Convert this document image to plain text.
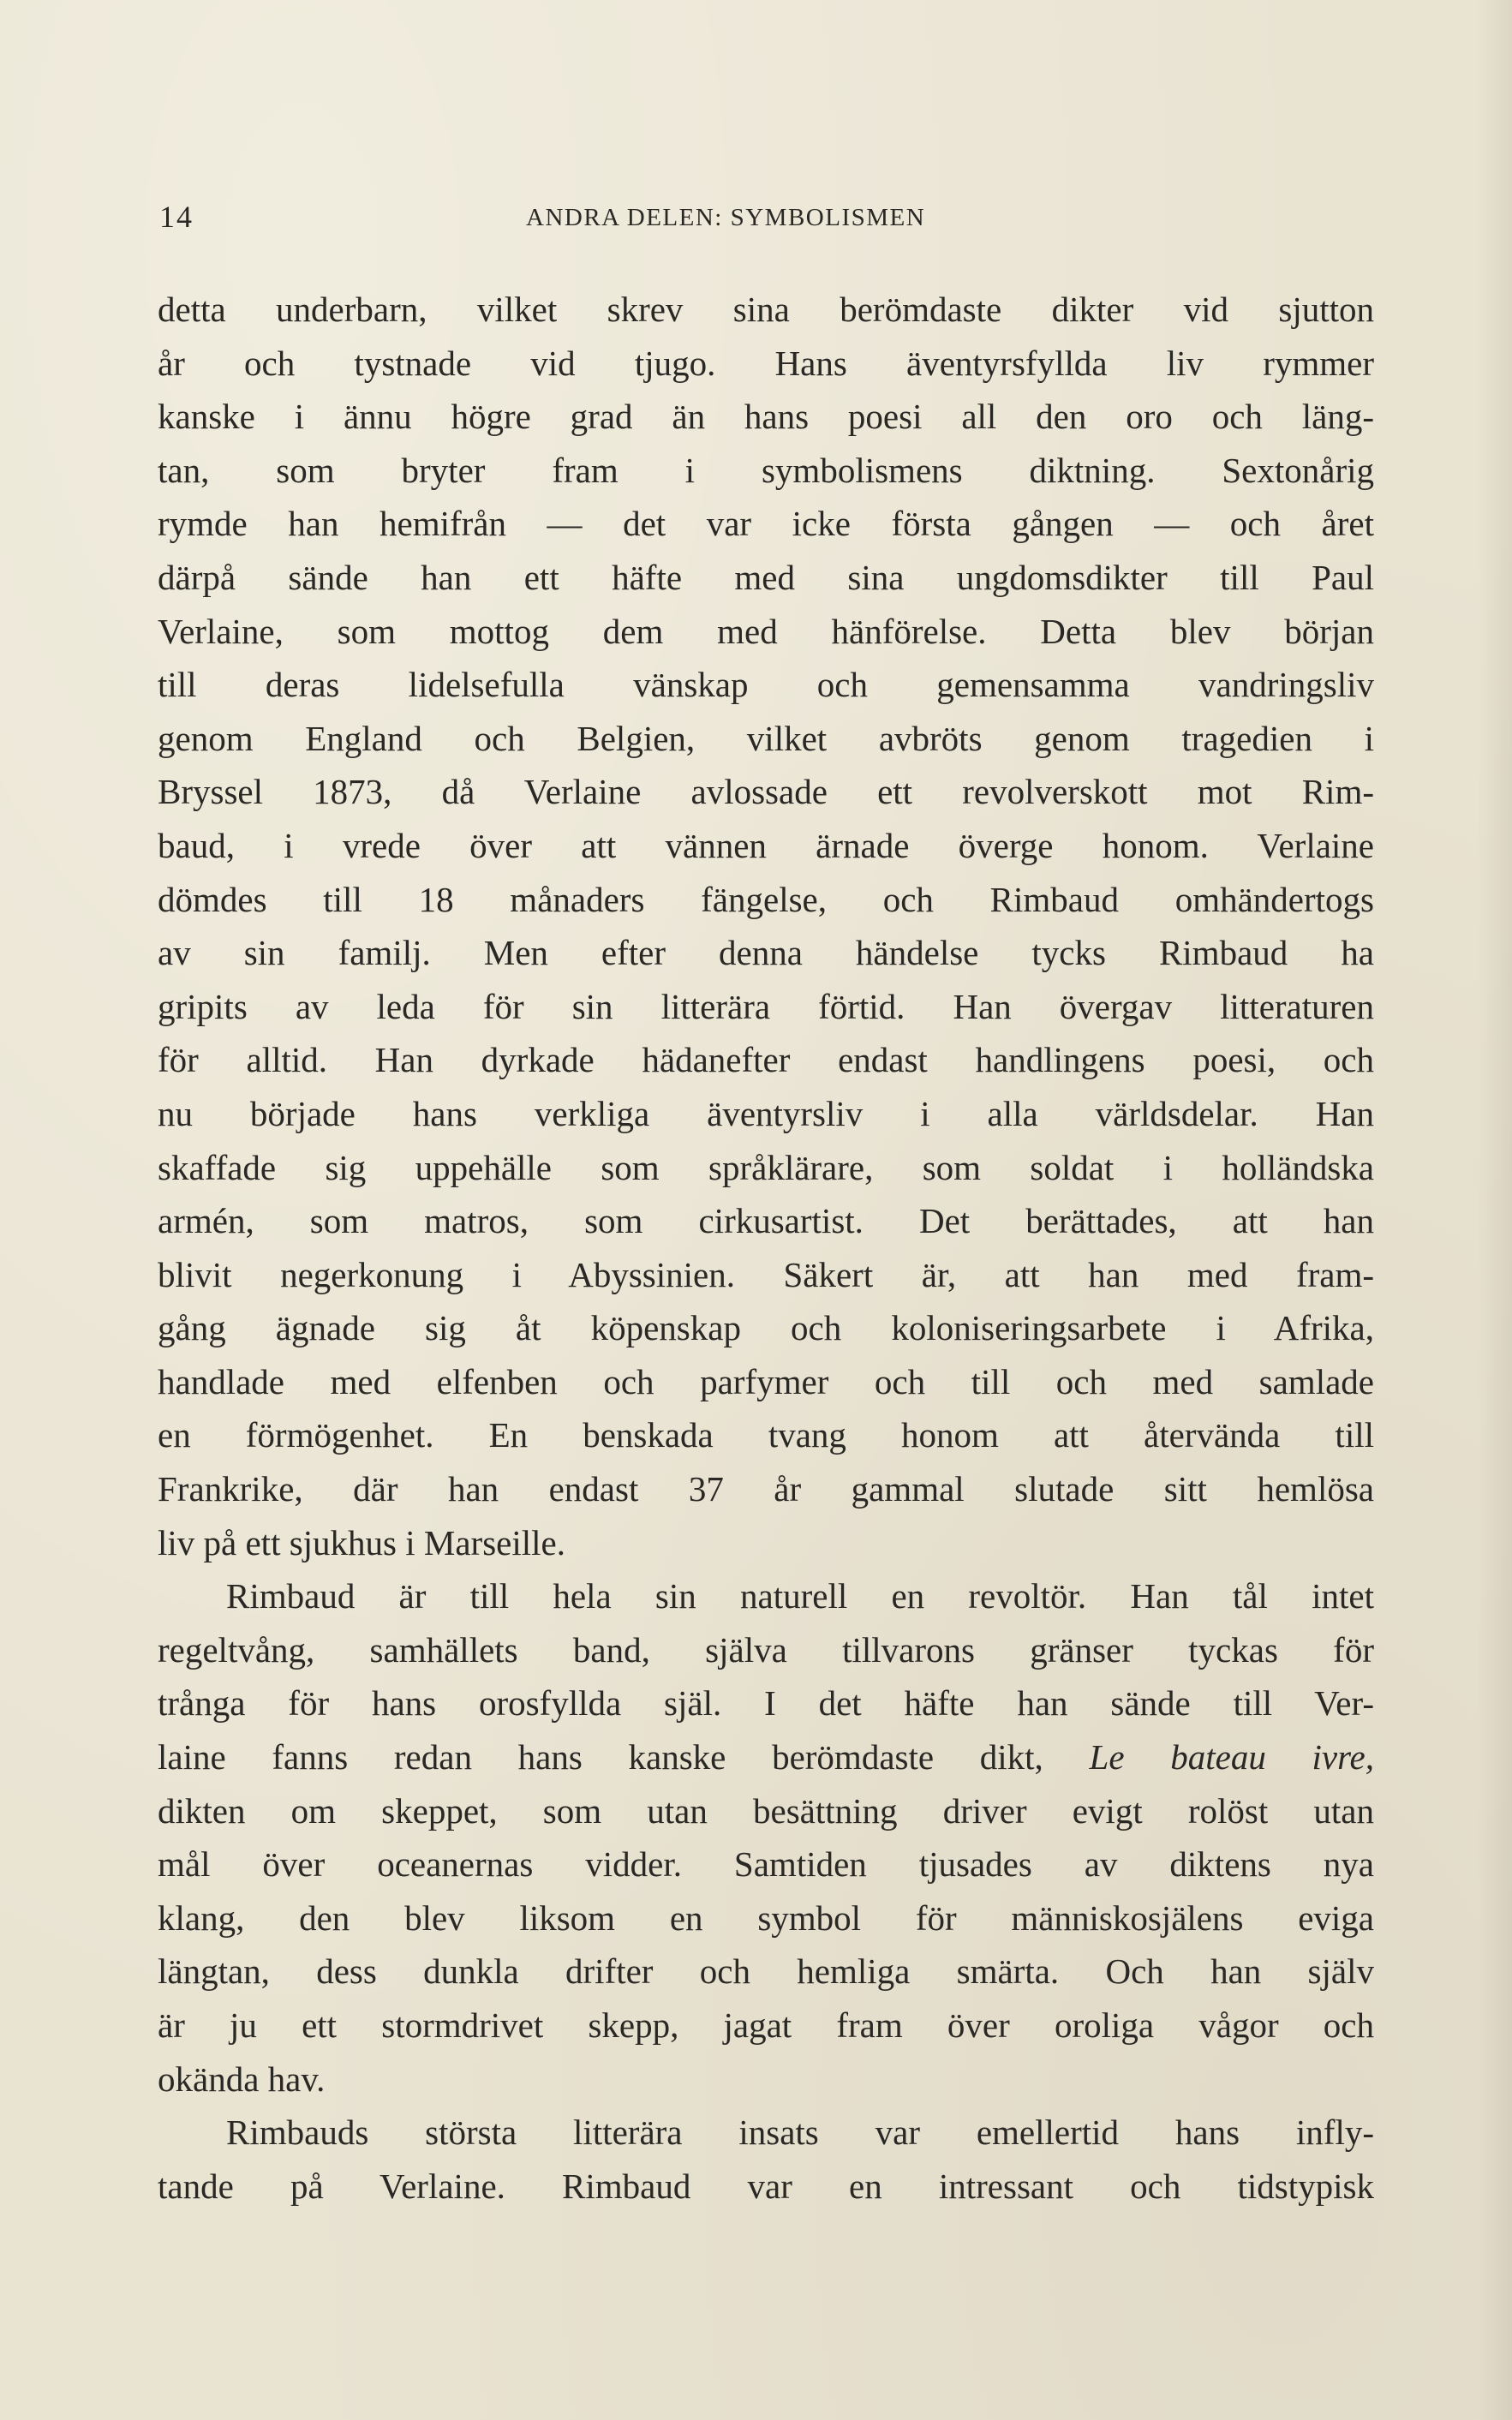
14	ANDRA DELEN: SYMBOLISMEN
detta underbarn, vilket skrev sina berömdaste dikter vid sjutton
år och tystnade vid tjugo. Hans äventyrsfyllda liv rymmer
kanske i ännu högre grad än hans poesi all den oro och läng-
tan, som bryter fram i symbolismens diktning. Sextonårig
rymde han hemifrån — det var icke första gången — och året
därpå sände han ett häfte med sina ungdomsdikter till Paul
Verlaine, som mottog dem med hänförelse. Detta blev början
till deras lidelsefulla vänskap och gemensamma vandringsliv
genom England och Belgien, vilket avbröts genom tragedien i
Bryssel 1873, då Verlaine avlossade ett revolverskott mot Rim-
baud, i vrede över att vännen ärnade överge honom. Verlaine
dömdes till 18 månaders fängelse, och Rimbaud omhändertogs
av sin familj. Men efter denna händelse tycks Rimbaud ha
gripits av leda för sin litterära förtid. Han övergav litteraturen
för alltid. Han dyrkade hädanefter endast handlingens poesi, och
nu började hans verkliga äventyrsliv i alla världsdelar. Han
skaffade sig uppehälle som språklärare, som soldat i holländska
armén, som matros, som cirkusartist. Det berättades, att han
blivit negerkonung i Abyssinien. Säkert är, att han med fram-
gång ägnade sig åt köpenskap och koloniseringsarbete i Afrika,
handlade med elfenben och parfymer och till och med samlade
en förmögenhet. En benskada tvang honom att återvända till
Frankrike, där han endast 37 år gammal slutade sitt hemlösa
liv på ett sjukhus i Marseille.
Rimbaud är till hela sin naturell en revoltör. Han tål intet
regeltvång, samhällets band, själva tillvarons gränser tyckas för
trånga för hans orosfyllda själ. I det häfte han sände till Ver-
laine fanns redan hans kanske berömdaste dikt, Le bateau ivre,
dikten om skeppet, som utan besättning driver evigt rolöst utan
mål över oceanernas vidder. Samtiden tjusades av diktens nya
klang, den blev liksom en symbol för människosjälens eviga
längtan, dess dunkla drifter och hemliga smärta. Och han själv
är ju ett stormdrivet skepp, jagat fram över oroliga vågor och
okända hav.
Rimbauds största litterära insats var emellertid hans infly-
tande på Verlaine. Rimbaud var en intressant och tidstypisk
